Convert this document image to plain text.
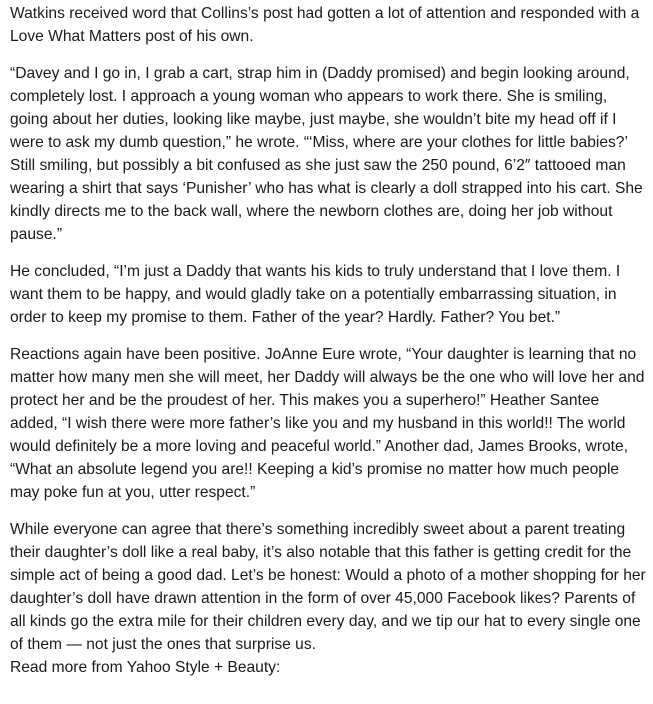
Watkins received word that Collins’s post had gotten a lot of attention and responded with a Love What Matters post of his own.

“Davey and I go in, I grab a cart, strap him in (Daddy promised) and begin looking around, completely lost. I approach a young woman who appears to work there. She is smiling, going about her duties, looking like maybe, just maybe, she wouldn’t bite my head off if I were to ask my dumb question,” he wrote. “‘Miss, where are your clothes for little babies?’ Still smiling, but possibly a bit confused as she just saw the 250 pound, 6’2″ tattooed man wearing a shirt that says ‘Punisher’ who has what is clearly a doll strapped into his cart. She kindly directs me to the back wall, where the newborn clothes are, doing her job without pause.”

He concluded, “I’m just a Daddy that wants his kids to truly understand that I love them. I want them to be happy, and would gladly take on a potentially embarrassing situation, in order to keep my promise to them. Father of the year? Hardly. Father? You bet.”

Reactions again have been positive. JoAnne Eure wrote, “Your daughter is learning that no matter how many men she will meet, her Daddy will always be the one who will love her and protect her and be the proudest of her. This makes you a superhero!” Heather Santee added, “I wish there were more father’s like you and my husband in this world!! The world would definitely be a more loving and peaceful world.” Another dad, James Brooks, wrote, “What an absolute legend you are!! Keeping a kid’s promise no matter how much people may poke fun at you, utter respect.”

While everyone can agree that there’s something incredibly sweet about a parent treating their daughter’s doll like a real baby, it’s also notable that this father is getting credit for the simple act of being a good dad. Let’s be honest: Would a photo of a mother shopping for her daughter’s doll have drawn attention in the form of over 45,000 Facebook likes? Parents of all kinds go the extra mile for their children every day, and we tip our hat to every single one of them — not just the ones that surprise us.
Read more from Yahoo Style + Beauty:
